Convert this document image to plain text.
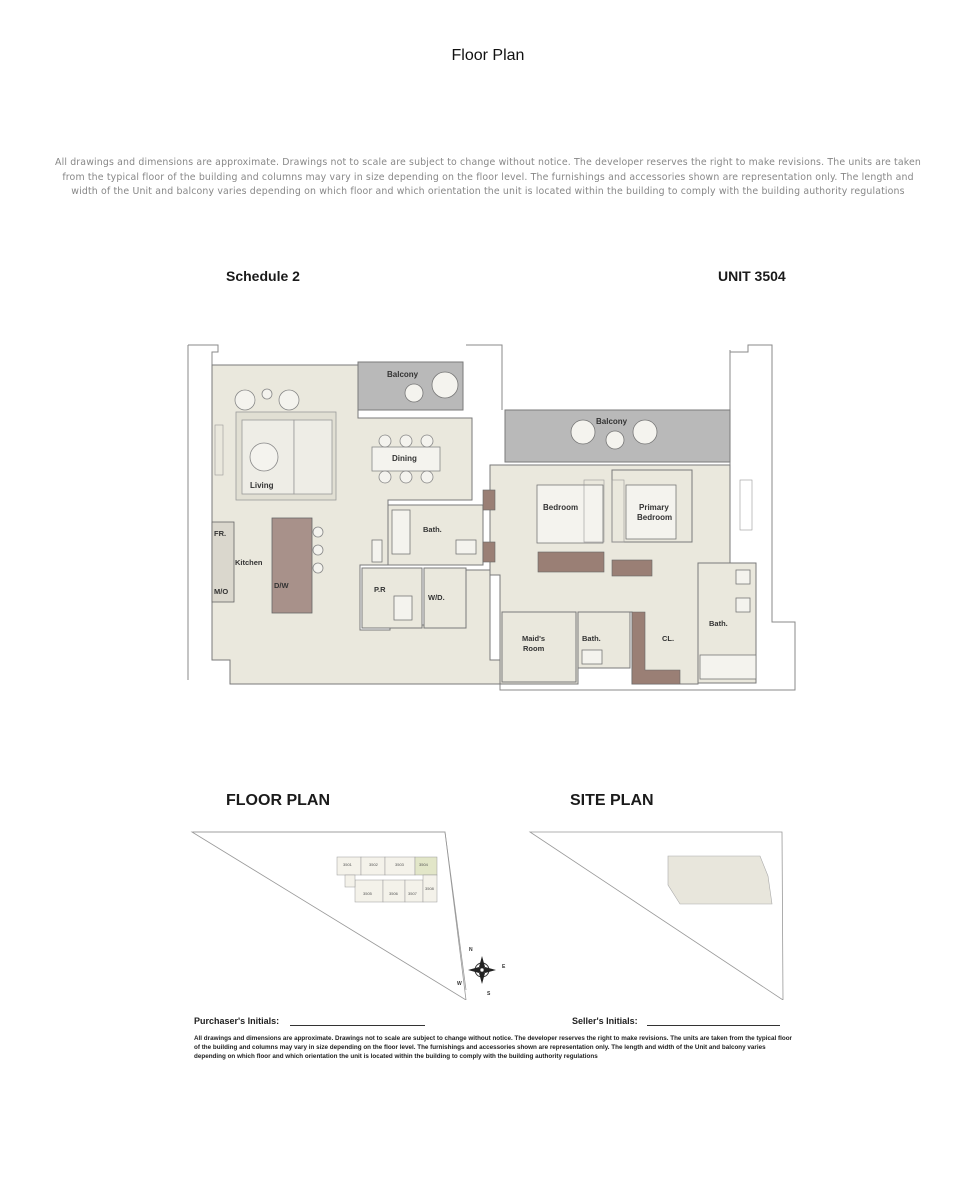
Floor Plan
All drawings and dimensions are approximate. Drawings not to scale are subject to change without notice. The developer reserves the right to make revisions. The units are taken from the typical floor of the building and columns may vary in size depending on the floor level. The furnishings and accessories shown are representation only. The length and width of the Unit and balcony varies depending on which floor and which orientation the unit is located within the building to comply with the building authority regulations
Schedule 2	UNIT 3504
Balcony
Balcony
Dining
Living
Kitchen
FR.
D/W
M/O
Bath.
P.R
W/D.
Bedroom	Primary
Bedroom
Maid's
Room
Bath.	CL.
Bath.
FLOOR PLAN	SITE PLAN
3501	3502	3503	3504
3505	3506	3507
3508
N
E
S
W
Purchaser's Initials:	Seller's Initials:
All drawings and dimensions are approximate. Drawings not to scale are subject to change without notice. The developer reserves the right to make revisions. The units are taken from the typical floor of the building and columns may vary in size depending on the floor level. The furnishings and accessories shown are representation only. The length and width of the Unit and balcony varies depending on which floor and which orientation the unit is located within the building to comply with the building authority regulations
